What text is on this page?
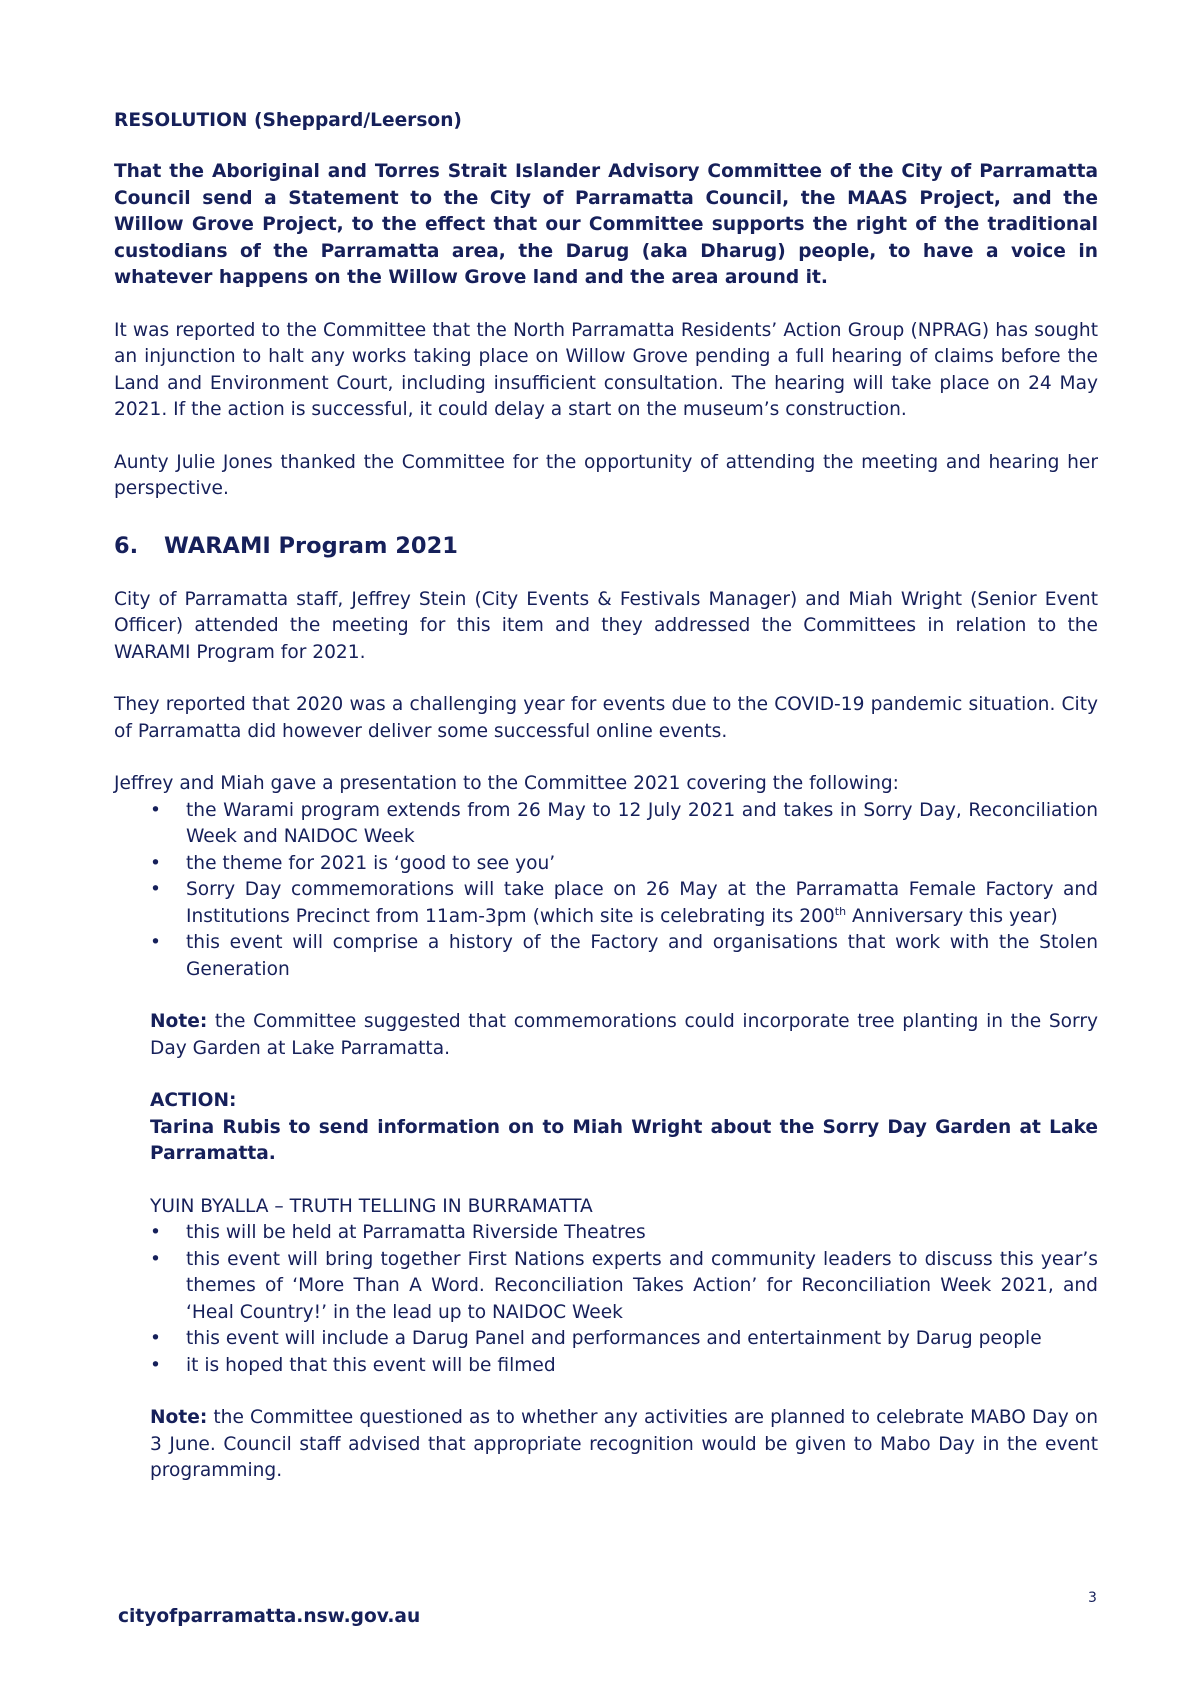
RESOLUTION (Sheppard/Leerson)

That the Aboriginal and Torres Strait Islander Advisory Committee of the City of Parramatta Council send a Statement to the City of Parramatta Council, the MAAS Project, and the Willow Grove Project, to the effect that our Committee supports the right of the traditional custodians of the Parramatta area, the Darug (aka Dharug) people, to have a voice in whatever happens on the Willow Grove land and the area around it.

It was reported to the Committee that the North Parramatta Residents’ Action Group (NPRAG) has sought an injunction to halt any works taking place on Willow Grove pending a full hearing of claims before the Land and Environment Court, including insufficient consultation. The hearing will take place on 24 May 2021. If the action is successful, it could delay a start on the museum’s construction.

Aunty Julie Jones thanked the Committee for the opportunity of attending the meeting and hearing her perspective.

6.	WARAMI Program 2021

City of Parramatta staff, Jeffrey Stein (City Events & Festivals Manager) and Miah Wright (Senior Event Officer) attended the meeting for this item and they addressed the Committees in relation to the WARAMI Program for 2021.

They reported that 2020 was a challenging year for events due to the COVID-19 pandemic situation. City of Parramatta did however deliver some successful online events.

Jeffrey and Miah gave a presentation to the Committee 2021 covering the following:

•	the Warami program extends from 26 May to 12 July 2021 and takes in Sorry Day, Reconciliation Week and NAIDOC Week
•	the theme for 2021 is ‘good to see you’
•	Sorry Day commemorations will take place on 26 May at the Parramatta Female Factory and Institutions Precinct from 11am-3pm (which site is celebrating its 200th Anniversary this year)
•	this event will comprise a history of the Factory and organisations that work with the Stolen Generation

Note: the Committee suggested that commemorations could incorporate tree planting in the Sorry Day Garden at Lake Parramatta.

ACTION:

Tarina Rubis to send information on to Miah Wright about the Sorry Day Garden at Lake Parramatta.

YUIN BYALLA – TRUTH TELLING IN BURRAMATTA

•	this will be held at Parramatta Riverside Theatres
•	this event will bring together First Nations experts and community leaders to discuss this year’s themes of ‘More Than A Word. Reconciliation Takes Action’ for Reconciliation Week 2021, and ‘Heal Country!’ in the lead up to NAIDOC Week
•	this event will include a Darug Panel and performances and entertainment by Darug people
•	it is hoped that this event will be filmed

Note: the Committee questioned as to whether any activities are planned to celebrate MABO Day on 3 June. Council staff advised that appropriate recognition would be given to Mabo Day in the event programming.

3
cityofparramatta.nsw.gov.au
